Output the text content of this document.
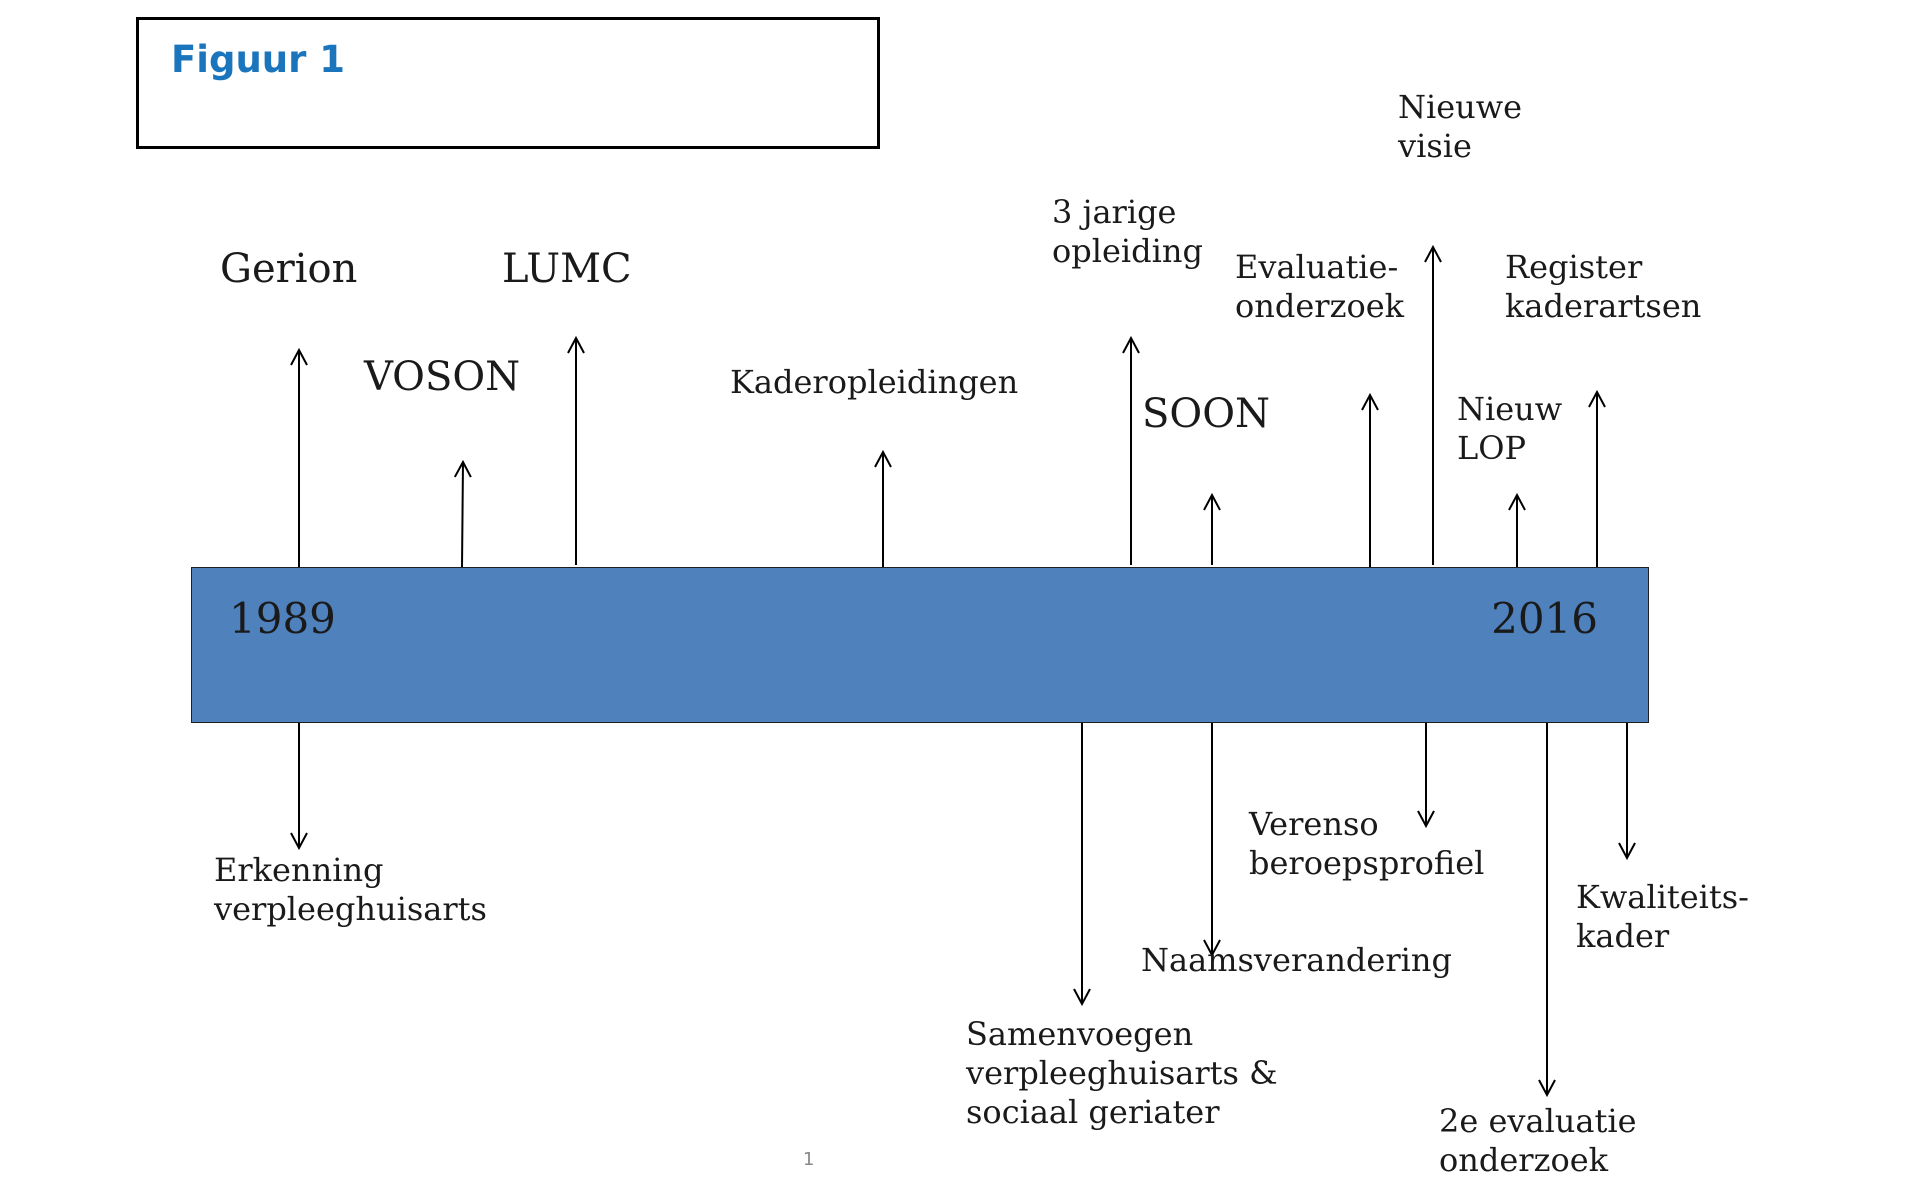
Figuur 1
1989	2016

Gerion

VOSON

LUMC

Kaderopleidingen

3 jarige
opleiding

SOON

Evaluatie-
onderzoek

Nieuwe
visie

Nieuw
LOP

Register
kaderartsen

Erkenning
verpleeghuisarts

Samenvoegen
verpleeghuisarts &
sociaal geriater

Naamsverandering

Verenso
beroepsprofiel

2e evaluatie
onderzoek

Kwaliteits-
kader

1
